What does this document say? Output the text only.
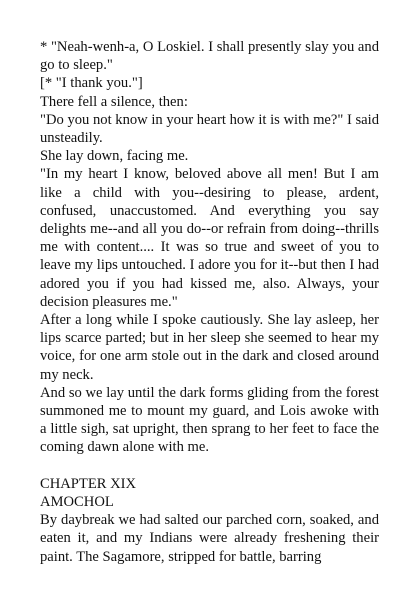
* "Neah-wenh-a, O Loskiel. I shall presently slay you and go to sleep."

[* "I thank you."]

There fell a silence, then:

"Do you not know in your heart how it is with me?" I said unsteadily.

She lay down, facing me.

"In my heart I know, beloved above all men! But I am like a child with you--desiring to please, ardent, confused, unaccustomed. And everything you say delights me--and all you do--or refrain from doing--thrills me with content.... It was so true and sweet of you to leave my lips untouched. I adore you for it--but then I had adored you if you had kissed me, also. Always, your decision pleasures me."

After a long while I spoke cautiously. She lay asleep, her lips scarce parted; but in her sleep she seemed to hear my voice, for one arm stole out in the dark and closed around my neck.

And so we lay until the dark forms gliding from the forest summoned me to mount my guard, and Lois awoke with a little sigh, sat upright, then sprang to her feet to face the coming dawn alone with me.

CHAPTER XIX

AMOCHOL

By daybreak we had salted our parched corn, soaked, and eaten it, and my Indians were already freshening their paint. The Sagamore, stripped for battle, barring
